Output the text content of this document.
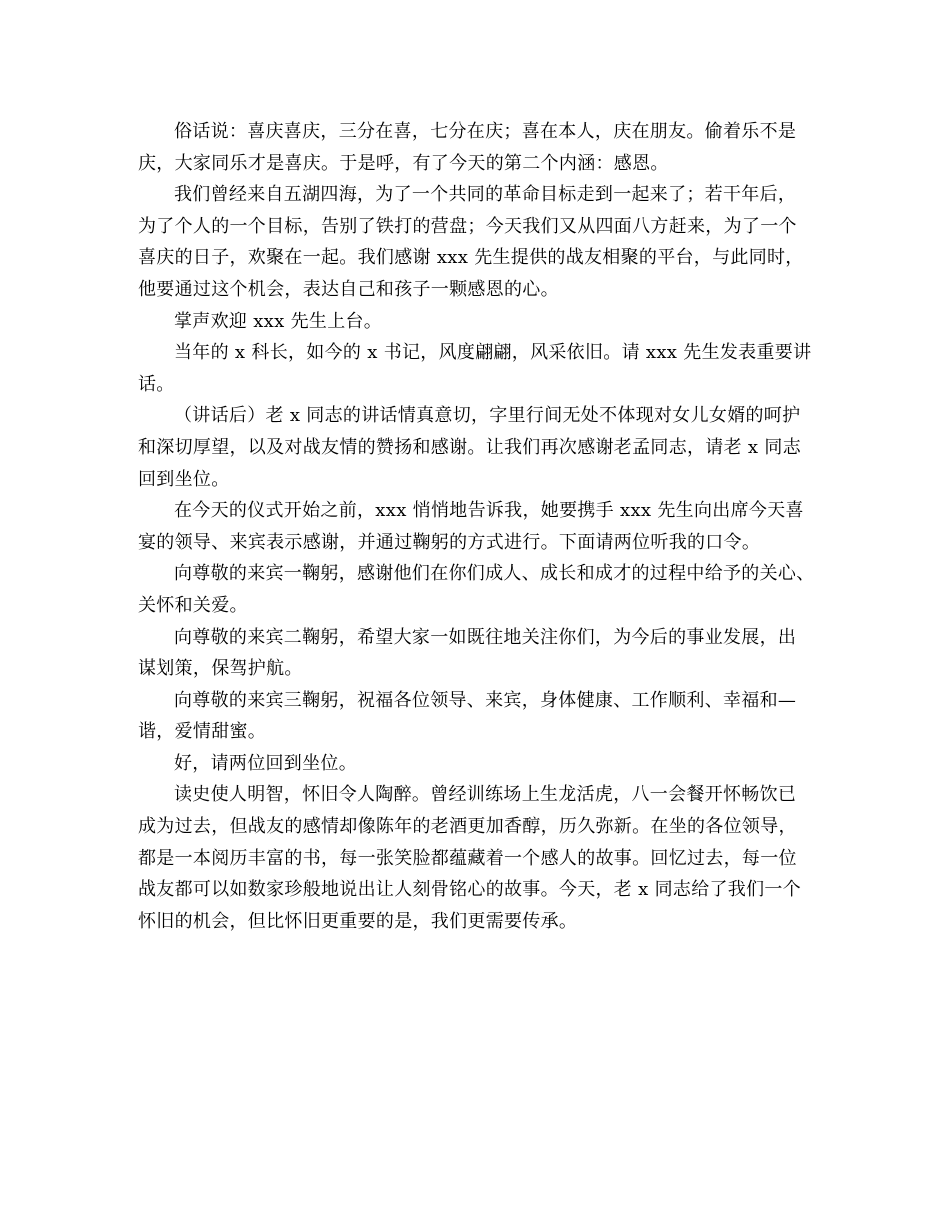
俗话说：喜庆喜庆，三分在喜，七分在庆；喜在本人，庆在朋友。偷着乐不是
庆，大家同乐才是喜庆。于是呼，有了今天的第二个内涵：感恩。
我们曾经来自五湖四海，为了一个共同的革命目标走到一起来了；若干年后，
为了个人的一个目标，告别了铁打的营盘；今天我们又从四面八方赶来，为了一个
喜庆的日子，欢聚在一起。我们感谢 xxx 先生提供的战友相聚的平台，与此同时，
他要通过这个机会，表达自己和孩子一颗感恩的心。
掌声欢迎 xxx 先生上台。
当年的 x 科长，如今的 x 书记，风度翩翩，风采依旧。请 xxx 先生发表重要讲
话。
（讲话后）老 x 同志的讲话情真意切，字里行间无处不体现对女儿女婿的呵护
和深切厚望，以及对战友情的赞扬和感谢。让我们再次感谢老孟同志，请老 x 同志
回到坐位。
在今天的仪式开始之前，xxx 悄悄地告诉我，她要携手 xxx 先生向出席今天喜
宴的领导、来宾表示感谢，并通过鞠躬的方式进行。下面请两位听我的口令。
向尊敬的来宾一鞠躬，感谢他们在你们成人、成长和成才的过程中给予的关心、
关怀和关爱。
向尊敬的来宾二鞠躬，希望大家一如既往地关注你们，为今后的事业发展，出
谋划策，保驾护航。
向尊敬的来宾三鞠躬，祝福各位领导、来宾，身体健康、工作顺利、幸福和—
谐，爱情甜蜜。
好，请两位回到坐位。
读史使人明智，怀旧令人陶醉。曾经训练场上生龙活虎，八一会餐开怀畅饮已
成为过去，但战友的感情却像陈年的老酒更加香醇，历久弥新。在坐的各位领导，
都是一本阅历丰富的书，每一张笑脸都蕴藏着一个感人的故事。回忆过去，每一位
战友都可以如数家珍般地说出让人刻骨铭心的故事。今天，老 x 同志给了我们一个
怀旧的机会，但比怀旧更重要的是，我们更需要传承。
